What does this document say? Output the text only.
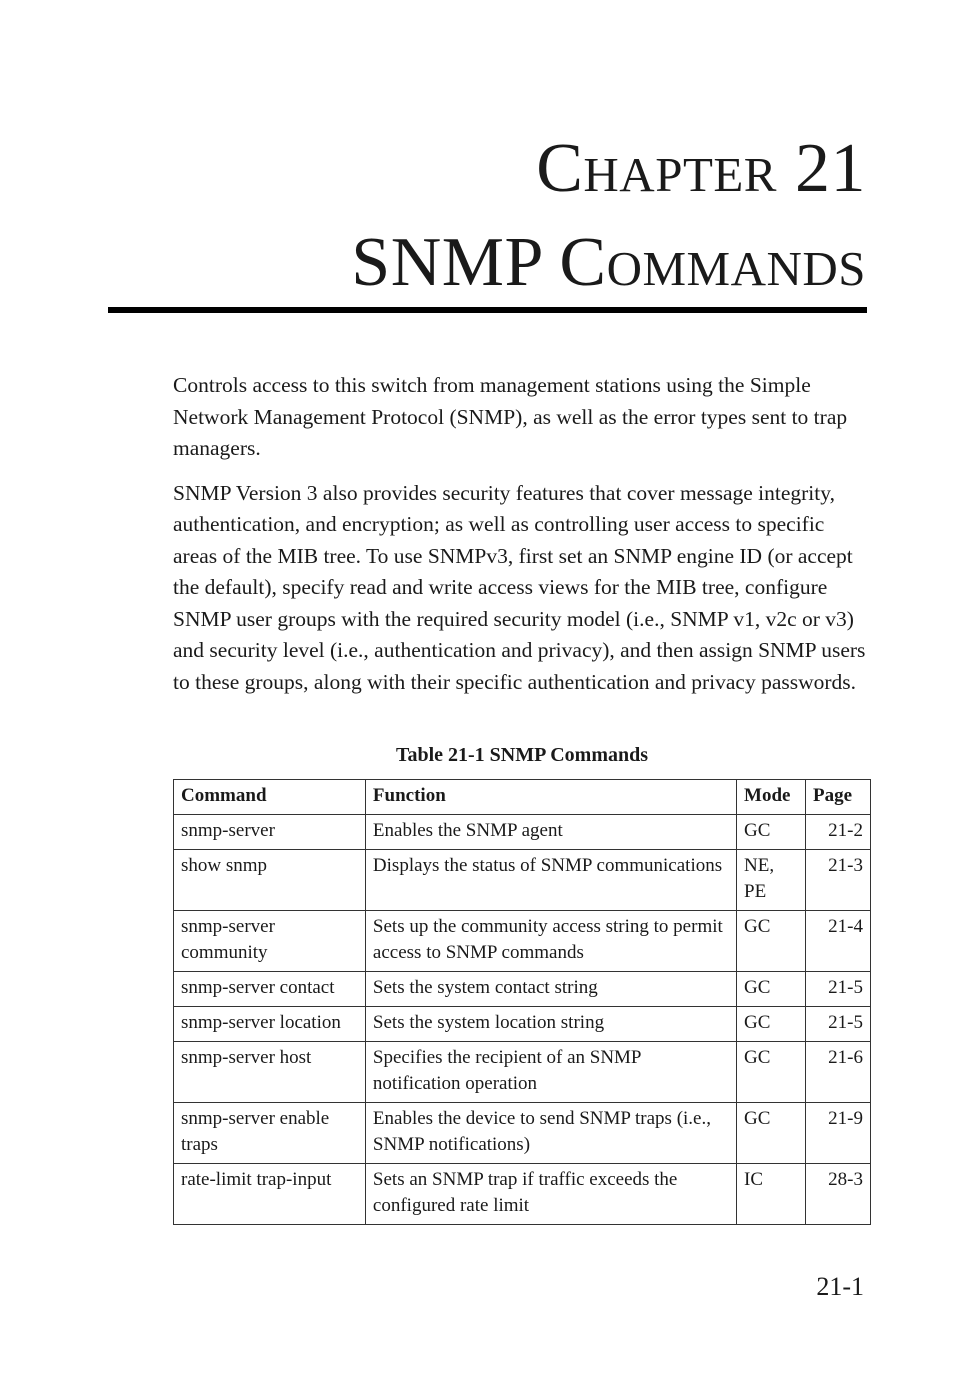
Chapter 21
SNMP Commands

Controls access to this switch from management stations using the Simple Network Management Protocol (SNMP), as well as the error types sent to trap managers.

SNMP Version 3 also provides security features that cover message integrity, authentication, and encryption; as well as controlling user access to specific areas of the MIB tree. To use SNMPv3, first set an SNMP engine ID (or accept the default), specify read and write access views for the MIB tree, configure SNMP user groups with the required security model (i.e., SNMP v1, v2c or v3) and security level (i.e., authentication and privacy), and then assign SNMP users to these groups, along with their specific authentication and privacy passwords.

Table 21-1 SNMP Commands
Command	Function	Mode	Page
snmp-server	Enables the SNMP agent	GC	21-2
show snmp	Displays the status of SNMP communications	NE, PE	21-3
snmp-server community	Sets up the community access string to permit access to SNMP commands	GC	21-4
snmp-server contact	Sets the system contact string	GC	21-5
snmp-server location	Sets the system location string	GC	21-5
snmp-server host	Specifies the recipient of an SNMP notification operation	GC	21-6
snmp-server enable traps	Enables the device to send SNMP traps (i.e., SNMP notifications)	GC	21-9
rate-limit trap-input	Sets an SNMP trap if traffic exceeds the configured rate limit	IC	28-3
21-1
